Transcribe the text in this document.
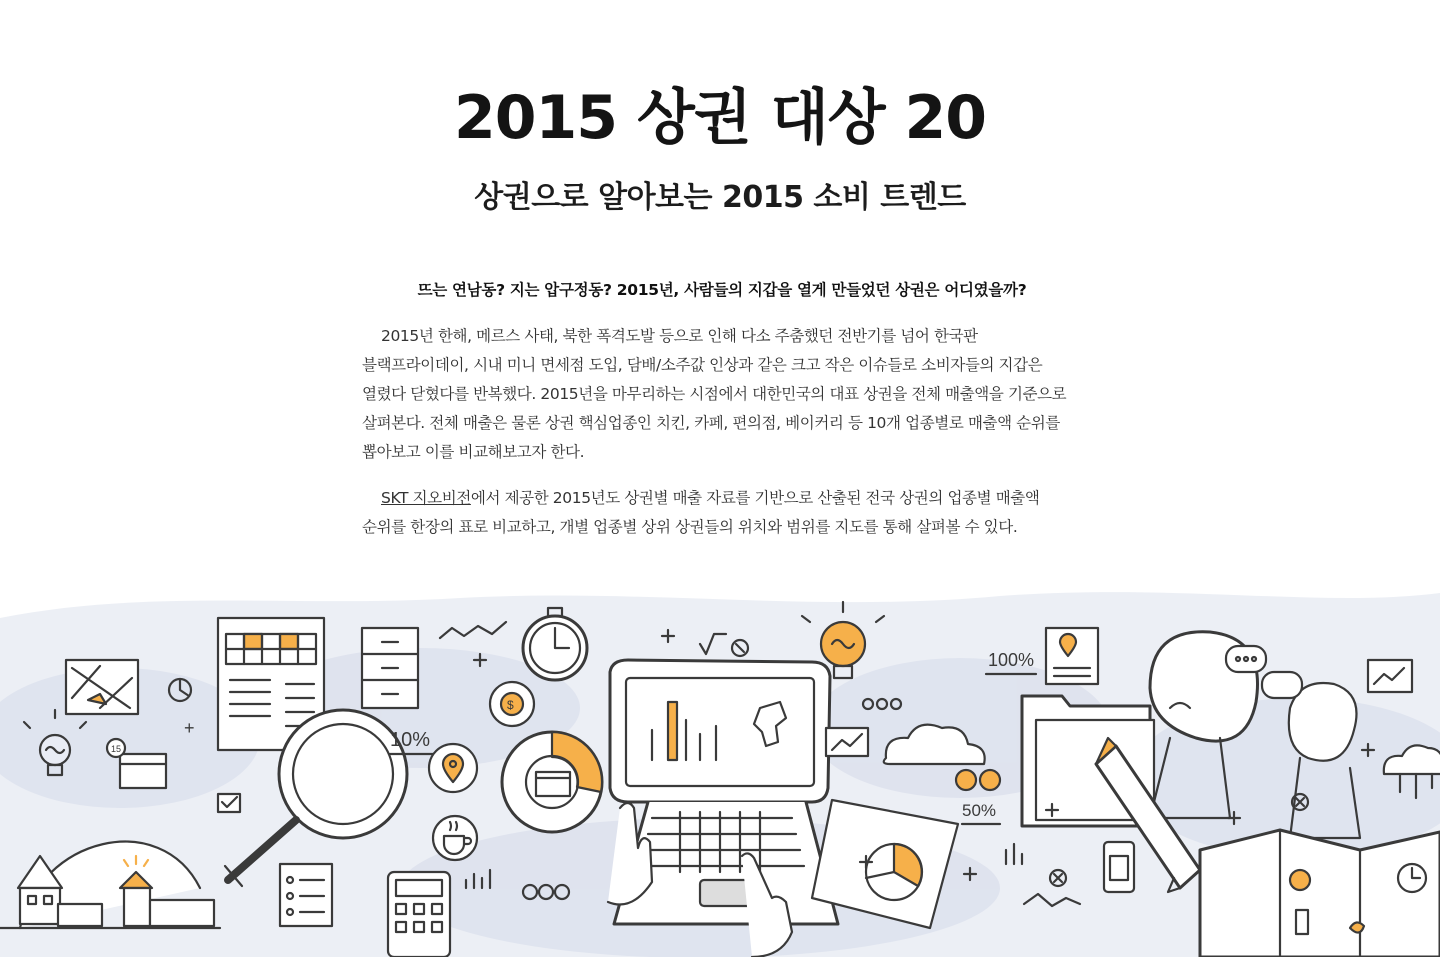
2015 상권 대상 20
상권으로 알아보는 2015 소비 트렌드

뜨는 연남동? 지는 압구정동? 2015년, 사람들의 지갑을 열게 만들었던 상권은 어디였을까?

2015년 한해, 메르스 사태, 북한 폭격도발 등으로 인해 다소 주춤했던 전반기를 넘어 한국판 블랙프라이데이, 시내 미니 면세점 도입, 담배/소주값 인상과 같은 크고 작은 이슈들로 소비자들의 지갑은 열렸다 닫혔다를 반복했다. 2015년을 마무리하는 시점에서 대한민국의 대표 상권을 전체 매출액을 기준으로 살펴본다. 전체 매출은 물론 상권 핵심업종인 치킨, 카페, 편의점, 베이커리 등 10개 업종별로 매출액 순위를 뽑아보고 이를 비교해보고자 한다.

SKT 지오비전에서 제공한 2015년도 상권별 매출 자료를 기반으로 산출된 전국 상권의 업종별 매출액 순위를 한장의 표로 비교하고, 개별 업종별 상위 상권들의 위치와 범위를 지도를 통해 살펴볼 수 있다.

15
+
10%
$
50%
100%
